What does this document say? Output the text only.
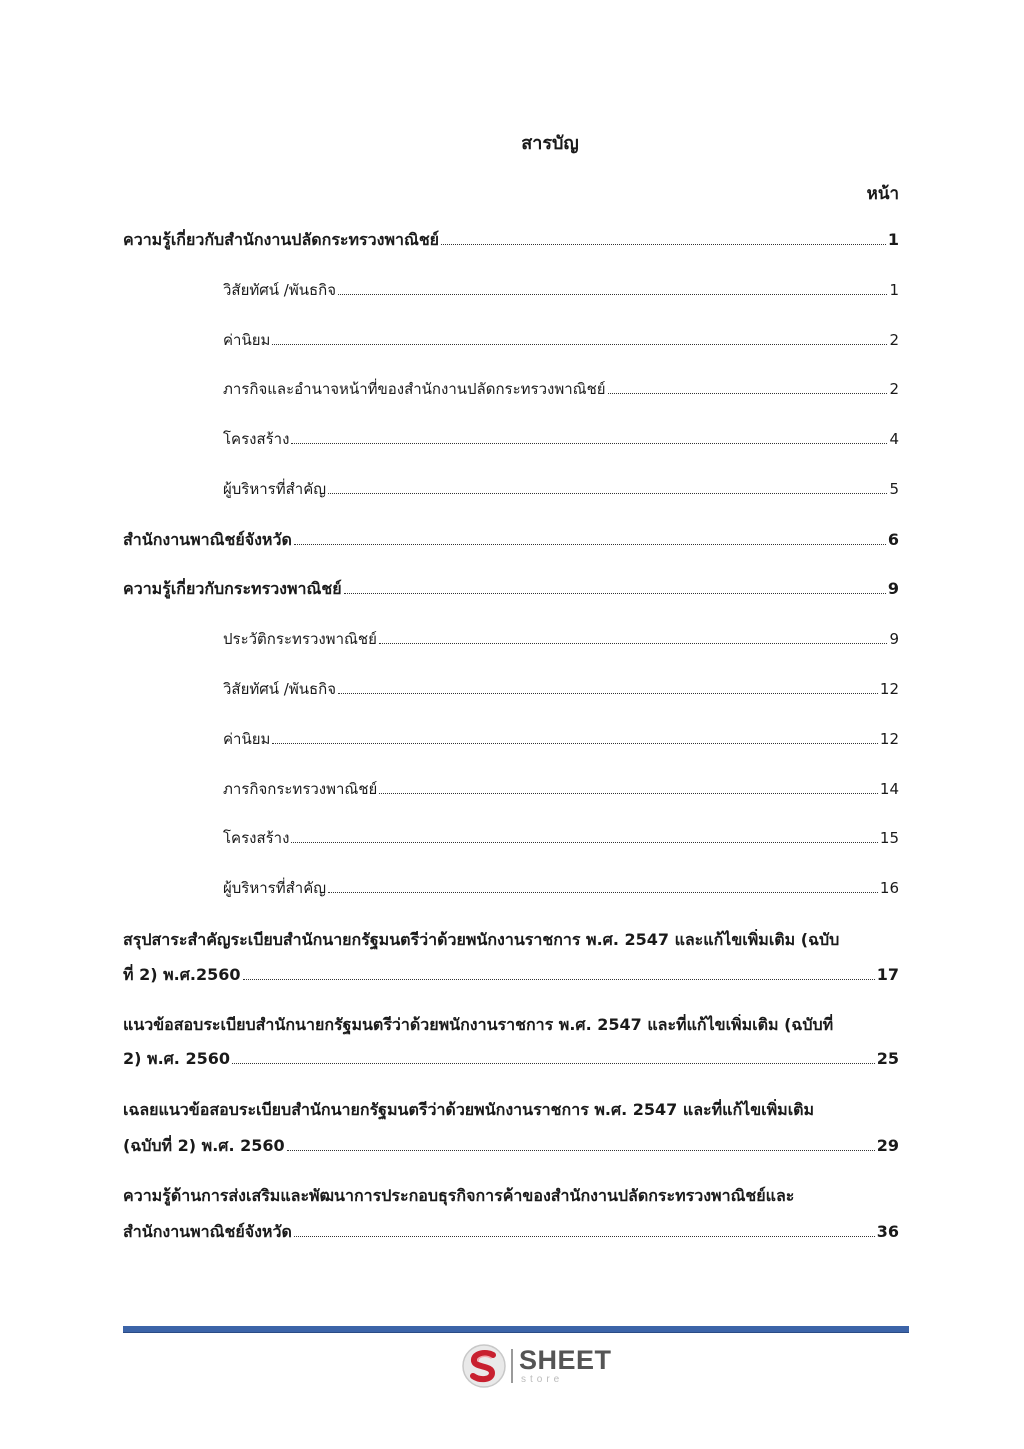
สารบัญ
หน้า
ความรู้เกี่ยวกับสำนักงานปลัดกระทรวงพาณิชย์	1
วิสัยทัศน์ /พันธกิจ	1
ค่านิยม	2
ภารกิจและอำนาจหน้าที่ของสำนักงานปลัดกระทรวงพาณิชย์	2
โครงสร้าง	4
ผู้บริหารที่สำคัญ	5
สำนักงานพาณิชย์จังหวัด	6
ความรู้เกี่ยวกับกระทรวงพาณิชย์	9
ประวัติกระทรวงพาณิชย์	9
วิสัยทัศน์ /พันธกิจ	12
ค่านิยม	12
ภารกิจกระทรวงพาณิชย์	14
โครงสร้าง	15
ผู้บริหารที่สำคัญ	16
สรุปสาระสำคัญระเบียบสำนักนายกรัฐมนตรีว่าด้วยพนักงานราชการ พ.ศ. 2547 และแก้ไขเพิ่มเติม (ฉบับ
ที่ 2) พ.ศ.2560	17
แนวข้อสอบระเบียบสำนักนายกรัฐมนตรีว่าด้วยพนักงานราชการ พ.ศ. 2547 และที่แก้ไขเพิ่มเติม (ฉบับที่
2) พ.ศ. 2560	25
เฉลยแนวข้อสอบระเบียบสำนักนายกรัฐมนตรีว่าด้วยพนักงานราชการ พ.ศ. 2547 และที่แก้ไขเพิ่มเติม
(ฉบับที่ 2) พ.ศ. 2560	29
ความรู้ด้านการส่งเสริมและพัฒนาการประกอบธุรกิจการค้าของสำนักงานปลัดกระทรวงพาณิชย์และ
สำนักงานพาณิชย์จังหวัด	36
SHEET
store
